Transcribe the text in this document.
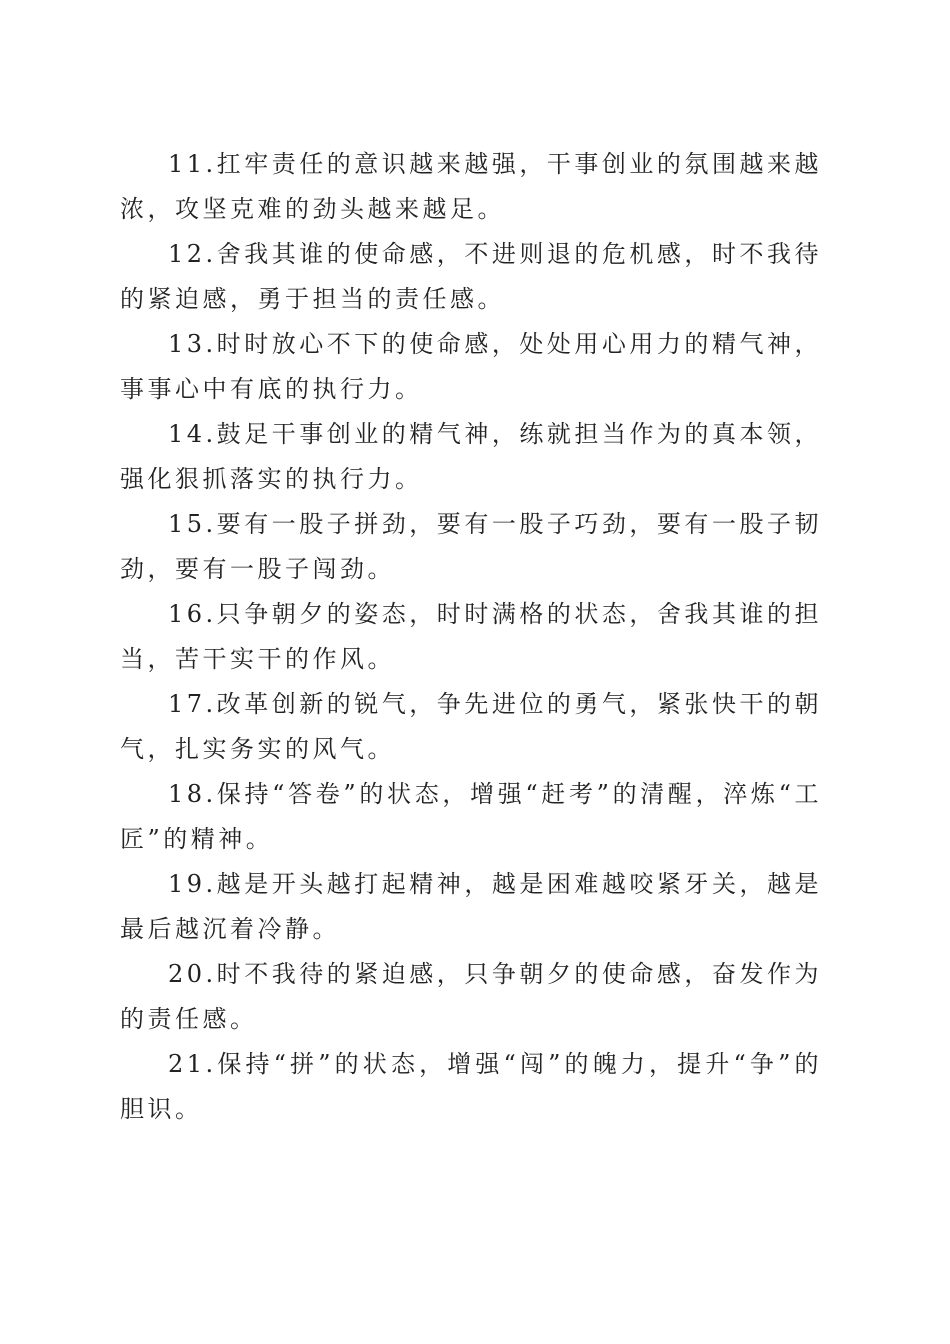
11.扛牢责任的意识越来越强，干事创业的氛围越来越浓，攻坚克难的劲头越来越足。

12.舍我其谁的使命感，不进则退的危机感，时不我待的紧迫感，勇于担当的责任感。

13.时时放心不下的使命感，处处用心用力的精气神，事事心中有底的执行力。

14.鼓足干事创业的精气神，练就担当作为的真本领，强化狠抓落实的执行力。

15.要有一股子拼劲，要有一股子巧劲，要有一股子韧劲，要有一股子闯劲。

16.只争朝夕的姿态，时时满格的状态，舍我其谁的担当，苦干实干的作风。

17.改革创新的锐气，争先进位的勇气，紧张快干的朝气，扎实务实的风气。

18.保持“答卷”的状态，增强“赶考”的清醒，淬炼“工匠”的精神。

19.越是开头越打起精神，越是困难越咬紧牙关，越是最后越沉着冷静。

20.时不我待的紧迫感，只争朝夕的使命感，奋发作为的责任感。

21.保持“拼”的状态，增强“闯”的魄力，提升“争”的胆识。
